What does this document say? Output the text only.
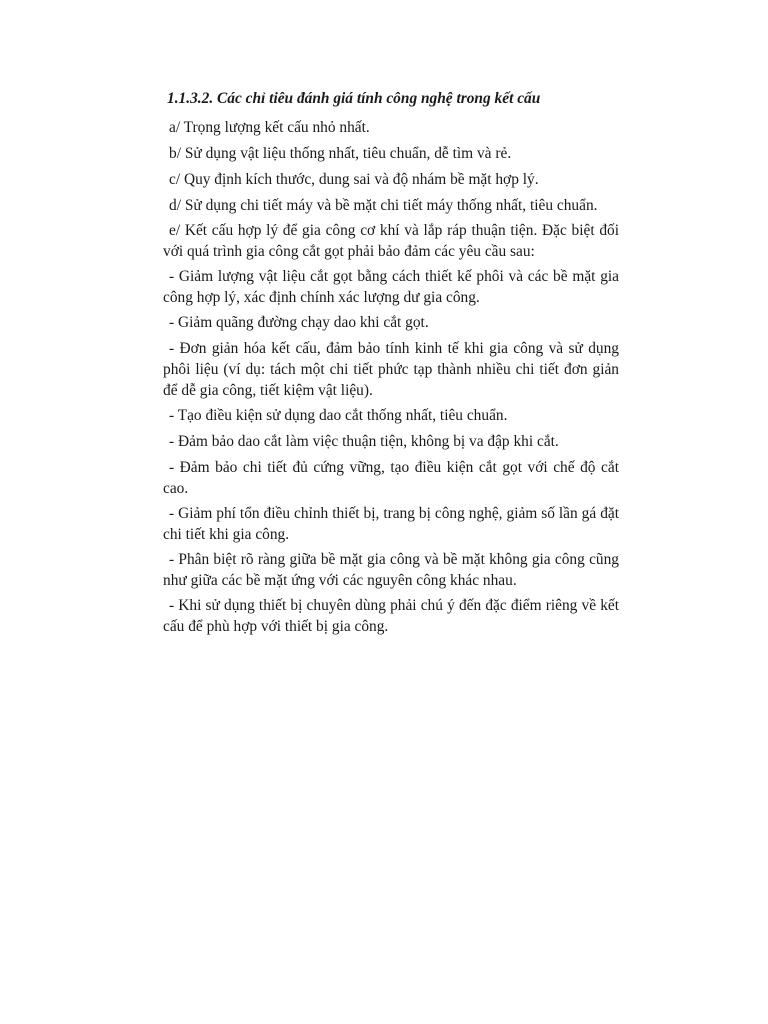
1.1.3.2. Các chỉ tiêu đánh giá tính công nghệ trong kết cấu

a/ Trọng lượng kết cấu nhỏ nhất.

b/ Sử dụng vật liệu thống nhất, tiêu chuẩn, dễ tìm và rẻ.

c/ Quy định kích thước, dung sai và độ nhám bề mặt hợp lý.

d/ Sử dụng chi tiết máy và bề mặt chi tiết máy thống nhất, tiêu chuẩn.

e/ Kết cấu hợp lý để gia công cơ khí và lắp ráp thuận tiện. Đặc biệt đối với quá trình gia công cắt gọt phải bảo đảm các yêu cầu sau:

- Giảm lượng vật liệu cắt gọt bằng cách thiết kế phôi và các bề mặt gia công hợp lý, xác định chính xác lượng dư gia công.

- Giảm quãng đường chạy dao khi cắt gọt.

- Đơn giản hóa kết cấu, đảm bảo tính kinh tế khi gia công và sử dụng phôi liệu (ví dụ: tách một chi tiết phức tạp thành nhiều chi tiết đơn giản để dễ gia công, tiết kiệm vật liệu).

- Tạo điều kiện sử dụng dao cắt thống nhất, tiêu chuẩn.

- Đảm bảo dao cắt làm việc thuận tiện, không bị va đập khi cắt.

- Đảm bảo chi tiết đủ cứng vững, tạo điều kiện cắt gọt với chế độ cắt cao.

- Giảm phí tổn điều chỉnh thiết bị, trang bị công nghệ, giảm số lần gá đặt chi tiết khi gia công.

- Phân biệt rõ ràng giữa bề mặt gia công và bề mặt không gia công cũng như giữa các bề mặt ứng với các nguyên công khác nhau.

- Khi sử dụng thiết bị chuyên dùng phải chú ý đến đặc điểm riêng về kết cấu để phù hợp với thiết bị gia công.
